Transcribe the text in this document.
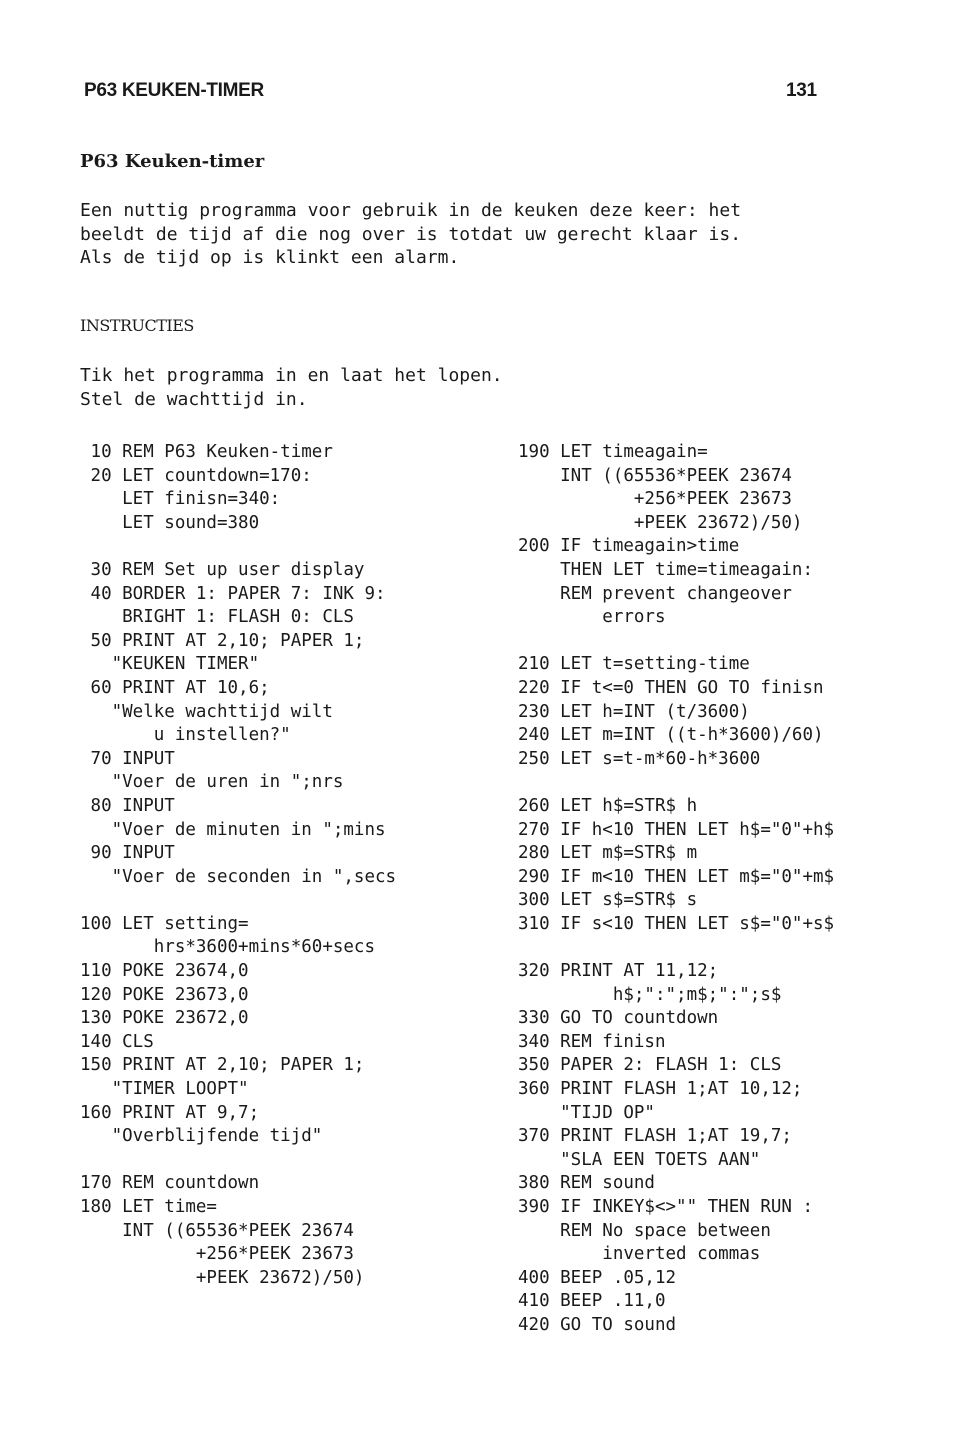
P63 KEUKEN-TIMER	131
P63 Keuken-timer

Een nuttig programma voor gebruik in de keuken deze keer: het
beeldt de tijd af die nog over is totdat uw gerecht klaar is.
Als de tijd op is klinkt een alarm.

INSTRUCTIES

Tik het programma in en laat het lopen.
Stel de wachttijd in.

10 REM P63 Keuken-timer
20 LET countdown=170:
LET finisn=340:
LET sound=380
30 REM Set up user display
40 BORDER 1: PAPER 7: INK 9:
BRIGHT 1: FLASH 0: CLS
50 PRINT AT 2,10; PAPER 1;
"KEUKEN TIMER"
60 PRINT AT 10,6;
"Welke wachttijd wilt
u instellen?"
70 INPUT
"Voer de uren in ";nrs
80 INPUT
"Voer de minuten in ";mins
90 INPUT
"Voer de seconden in ",secs
100 LET setting=
hrs*3600+mins*60+secs
110 POKE 23674,0
120 POKE 23673,0
130 POKE 23672,0
140 CLS
150 PRINT AT 2,10; PAPER 1;
"TIMER LOOPT"
160 PRINT AT 9,7;
"Overblijfende tijd"
170 REM countdown
180 LET time=
INT ((65536*PEEK 23674
+256*PEEK 23673
+PEEK 23672)/50)
190 LET timeagain=
INT ((65536*PEEK 23674
+256*PEEK 23673
+PEEK 23672)/50)
200 IF timeagain>time
THEN LET time=timeagain:
REM prevent changeover
errors
210 LET t=setting-time
220 IF t<=0 THEN GO TO finisn
230 LET h=INT (t/3600)
240 LET m=INT ((t-h*3600)/60)
250 LET s=t-m*60-h*3600
260 LET h$=STR$ h
270 IF h<10 THEN LET h$="0"+h$
280 LET m$=STR$ m
290 IF m<10 THEN LET m$="0"+m$
300 LET s$=STR$ s
310 IF s<10 THEN LET s$="0"+s$
320 PRINT AT 11,12;
h$;":";m$;":";s$
330 GO TO countdown
340 REM finisn
350 PAPER 2: FLASH 1: CLS
360 PRINT FLASH 1;AT 10,12;
"TIJD OP"
370 PRINT FLASH 1;AT 19,7;
"SLA EEN TOETS AAN"
380 REM sound
390 IF INKEY$<>"" THEN RUN :
REM No space between
inverted commas
400 BEEP .05,12
410 BEEP .11,0
420 GO TO sound
